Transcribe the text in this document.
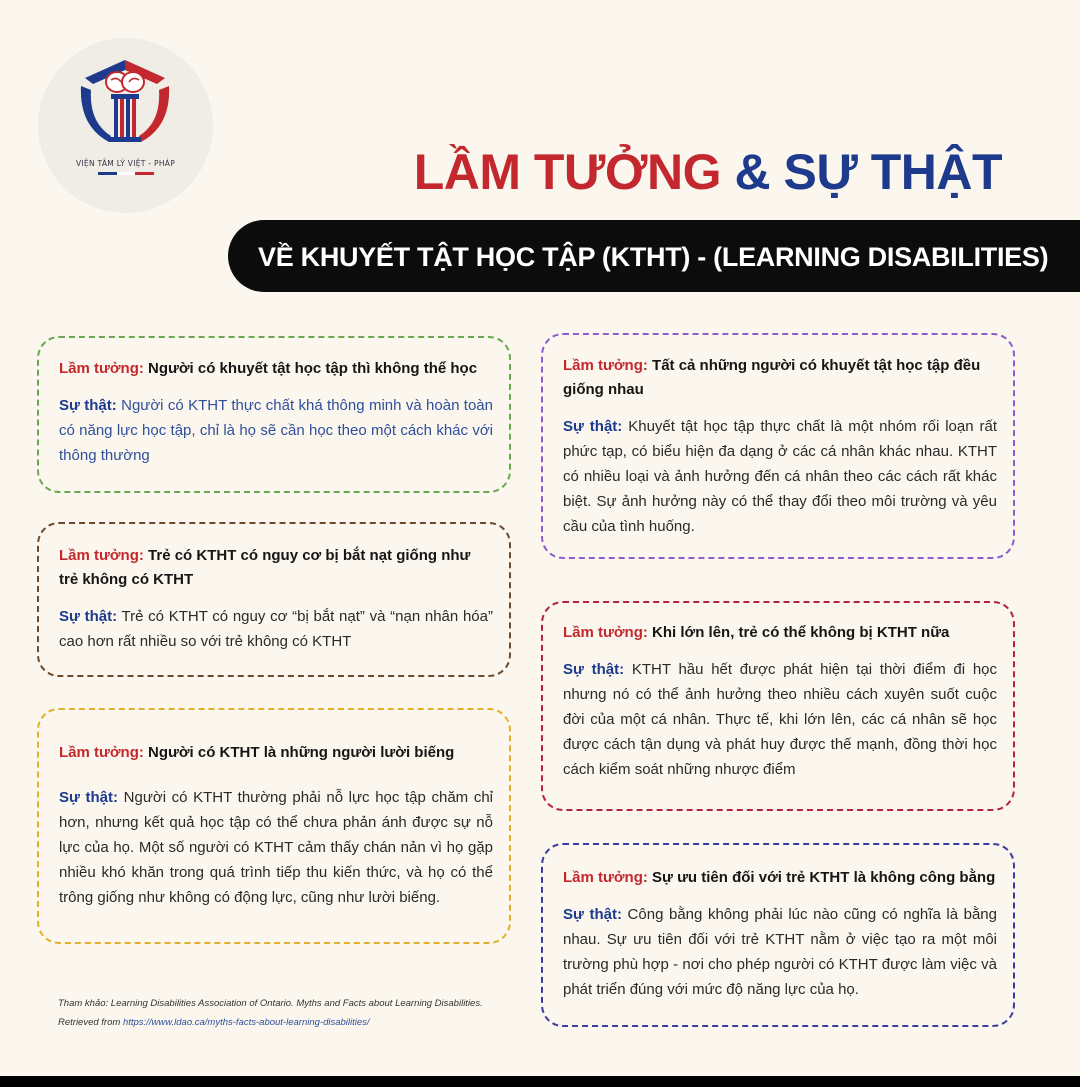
VIỆN TÂM LÝ VIỆT - PHÁP	LẦM TƯỞNG & SỰ THẬT
VỀ KHUYẾT TẬT HỌC TẬP (KTHT) - (LEARNING DISABILITIES)
Lầm tưởng: Người có khuyết tật học tập thì không thể học
Sự thật: Người có KTHT thực chất khá thông minh và hoàn toàn có năng lực học tập, chỉ là họ sẽ cần học theo một cách khác với thông thường
Lầm tưởng: Tất cả những người có khuyết tật học tập đều giống nhau
Sự thật: Khuyết tật học tập thực chất là một nhóm rối loạn rất phức tạp, có biểu hiện đa dạng ở các cá nhân khác nhau. KTHT có nhiều loại và ảnh hưởng đến cá nhân theo các cách rất khác biệt. Sự ảnh hưởng này có thể thay đổi theo môi trường và yêu cầu của tình huống.
Lầm tưởng: Trẻ có KTHT có nguy cơ bị bắt nạt giống như trẻ không có KTHT
Sự thật: Trẻ có KTHT có nguy cơ “bị bắt nạt” và “nạn nhân hóa” cao hơn rất nhiều so với trẻ không có KTHT
Lầm tưởng: Khi lớn lên, trẻ có thể không bị KTHT nữa
Sự thật: KTHT hầu hết được phát hiện tại thời điểm đi học nhưng nó có thể ảnh hưởng theo nhiều cách xuyên suốt cuộc đời của một cá nhân. Thực tế, khi lớn lên, các cá nhân sẽ học được cách tận dụng và phát huy được thế mạnh, đồng thời học cách kiểm soát những nhược điểm
Lầm tưởng: Người có KTHT là những người lười biếng
Sự thật: Người có KTHT thường phải nỗ lực học tập chăm chỉ hơn, nhưng kết quả học tập có thể chưa phản ánh được sự nỗ lực của họ. Một số người có KTHT cảm thấy chán nản vì họ gặp nhiều khó khăn trong quá trình tiếp thu kiến thức, và họ có thể trông giống như không có động lực, cũng như lười biếng.
Lầm tưởng: Sự ưu tiên đối với trẻ KTHT là không công bằng
Sự thật: Công bằng không phải lúc nào cũng có nghĩa là bằng nhau. Sự ưu tiên đối với trẻ KTHT nằm ở việc tạo ra một môi trường phù hợp - nơi cho phép người có KTHT được làm việc và phát triển đúng với mức độ năng lực của họ.
Tham khảo: Learning Disabilities Association of Ontario. Myths and Facts about Learning Disabilities. Retrieved from https://www.ldao.ca/myths-facts-about-learning-disabilities/
